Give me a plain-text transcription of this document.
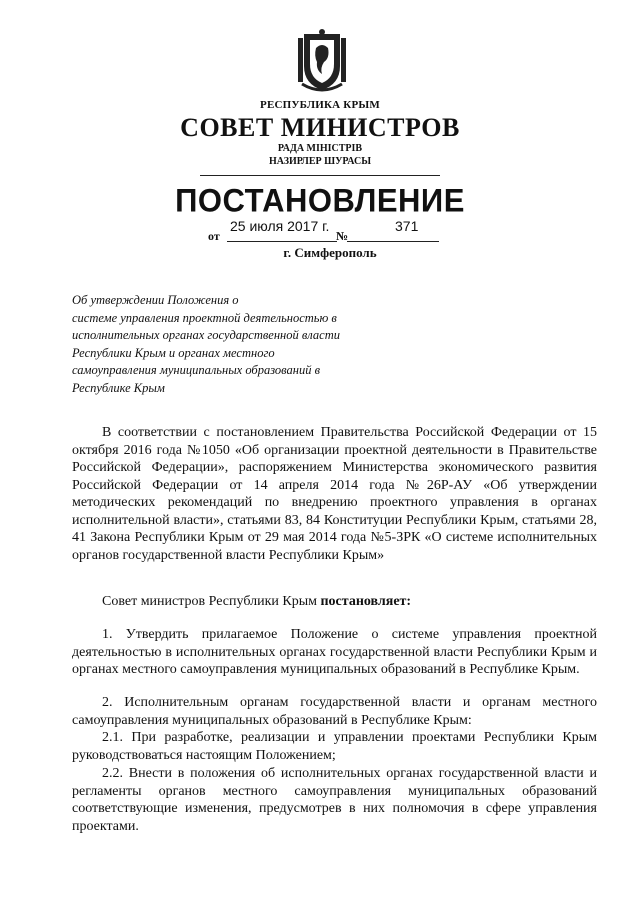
РЕСПУБЛИКА КРЫМ
СОВЕТ МИНИСТРОВ
РАДА МІНІСТРІВ
НАЗИРЛЕР ШУРАСЫ
ПОСТАНОВЛЕНИЕ
от
25 июля 2017 г.
№
371
г. Симферополь
Об утверждении Положения о
системе управления проектной деятельностью в
исполнительных органах государственной власти
Республики Крым и органах местного
самоуправления муниципальных образований в
Республике Крым
В соответствии с постановлением Правительства Российской Федерации от 15 октября 2016 года №1050 «Об организации проектной деятельности в Правительстве Российской Федерации», распоряжением Министерства экономического развития Российской Федерации от 14 апреля 2014 года №26Р-АУ «Об утверждении методических рекомендаций по внедрению проектного управления в органах исполнительной власти», статьями 83, 84 Конституции Республики Крым, статьями 28, 41 Закона Республики Крым от 29 мая 2014 года №5-ЗРК «О системе исполнительных органов государственной власти Республики Крым»
Совет министров Республики Крым постановляет:
1. Утвердить прилагаемое Положение о системе управления проектной деятельностью в исполнительных органах государственной власти Республики Крым и органах местного самоуправления муниципальных образований в Республике Крым.
2. Исполнительным органам государственной власти и органам местного самоуправления муниципальных образований в Республике Крым:
2.1. При разработке, реализации и управлении проектами Республики Крым руководствоваться настоящим Положением;
2.2. Внести в положения об исполнительных органах государственной власти и регламенты органов местного самоуправления муниципальных образований соответствующие изменения, предусмотрев в них полномочия в сфере управления проектами.
